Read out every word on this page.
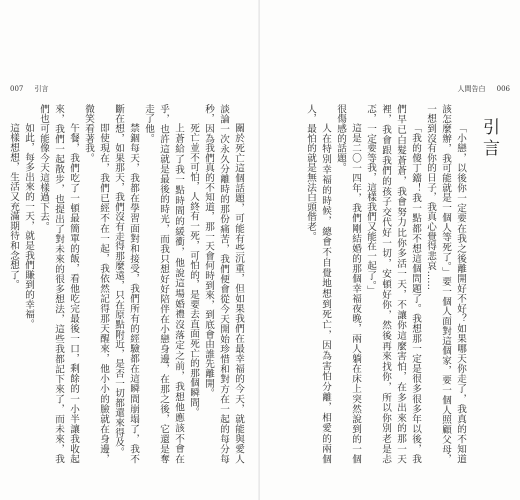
007 引言

關於死亡這個話題，可能有些沉重，但如果我們在最幸福的今天，就能與愛人談論一次永久分離時的那份痛苦，我們便會從今天開始珍惜和對方在一起的每分每秒，因為我們真的不知道，那一天會何時到來，到底會由誰先離開。

死亡並不可怕，人終有一死，可怕的，是要去直面死亡的那個瞬間。

上蒼給了我一點時間的緩衝，他說這場婚禮沒落定之前，我想他應該不會在乎，也許這就是最後的時光，而我只想好好陪伴在小戀身邊，在那之後，它還是奪走了他。

禁錮每天，我都在學習面對和接受，我們所有的經驗都在這瞬間崩塌了，我不斷在想，如果那天，我們沒有走得那麼遠，只在原點附近，是否一切都還來得及。

即使現在，我們已經不在一起，我依然記得那天醒來，他小小的臉就在身邊，微笑看著我。

午餐，我們吃了一頓最簡單的飯，看他吃完最後一口，剩餘的一小半讓我收起來，我們一起散步，也提出了對未來的很多想法，這些我都記下來了，而未來，我們也可能像今天這樣過下去。

如此，每多出來的一天，就是我們賺到的幸福。

這樣想想，生活又充滿期待和念想了。

人間告白 006
引言

「小戀，以後你一定要在我之後離開好不好？如果哪天你走了，我真的不知道該怎麼辦，我可能就是一個人等死了。」要一個人面對這個家，要一個人照顧父母，一想到沒有你的日子，我真心覺得悲哀……

「我的傻丁鐺！我一點都不想這個問題了。我想那一定是很多很多年以後，我們早已白髮蒼蒼，我會努力比你多活一天，不讓你這麼害怕，在多出來的那一天裡，我會跟我們的孩子交代好一切，安頓好你，然後再來找你，所以你別老是忐忑，一定要等我，這樣我們又能在一起了。」

這是二〇一四年，我們剛結婚的那個幸福夜晚，兩人躺在床上突然說到的一個很傷感的話題。

人在特別幸福的時候，總會不自覺地想到死亡，因為害怕分離，相愛的兩個人，最怕的就是無法白頭偕老。
